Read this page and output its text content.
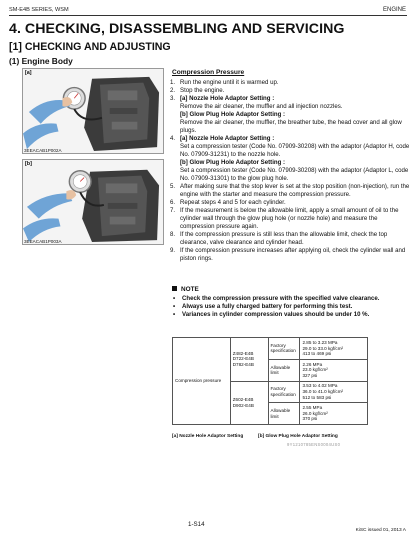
SM-E4B SERIES, WSM	ENGINE
4. CHECKING, DISASSEMBLING AND SERVICING
[1] CHECKING AND ADJUSTING
(1) Engine Body
[a]
3EEACAB1P002A
[b]
3EEACAB1P003A
Compression Pressure
1. Run the engine until it is warmed up.
2. Stop the engine.
3. [a] Nozzle Hole Adaptor Setting :
Remove the air cleaner, the muffler and all injection nozzles.
[b] Glow Plug Hole Adaptor Setting :
Remove the air cleaner, the muffler, the breather tube, the head cover and all glow plugs.
4. [a] Nozzle Hole Adaptor Setting :
Set a compression tester (Code No. 07909-30208) with the adaptor (Adaptor H, code No. 07909-31231) to the nozzle hole.
[b] Glow Plug Hole Adaptor Setting :
Set a compression tester (Code No. 07909-30208) with the adaptor (Adaptor L, code No. 07909-31301) to the glow plug hole.
5. After making sure that the stop lever is set at the stop position (non-injection), run the engine with the starter and measure the compression pressure.
6. Repeat steps 4 and 5 for each cylinder.
7. If the measurement is below the allowable limit, apply a small amount of oil to the cylinder wall through the glow plug hole (or nozzle hole) and measure the compression pressure again.
8. If the compression pressure is still less than the allowable limit, check the top clearance, valve clearance and cylinder head.
9. If the compression pressure increases after applying oil, check the cylinder wall and piston rings.
NOTE
• Check the compression pressure with the specified valve clearance.
• Always use a fully charged battery for performing this test.
• Variances in cylinder compression values should be under 10 %.
Compression pressure	Z482-E4B
D722-E4B
D782-E4B	Factory specification	2.85 to 3.23 MPa
29.0 to 33.0 kgf/cm²
413 to 469 psi
		Allowable limit	2.26 MPa
23.0 kgf/cm²
327 psi
	Z602-E4B
D902-E4B	Factory specification	3.53 to 4.02 MPa
36.0 to 41.0 kgf/cm²
512 to 583 psi
		Allowable limit	2.55 MPa
26.0 kgf/cm²
370 psi
[a] Nozzle Hole Adaptor Setting	[b] Glow Plug Hole Adaptor Setting
9Y1210785ENS0004US0
1-S14
KiSC issued 01, 2013 A
